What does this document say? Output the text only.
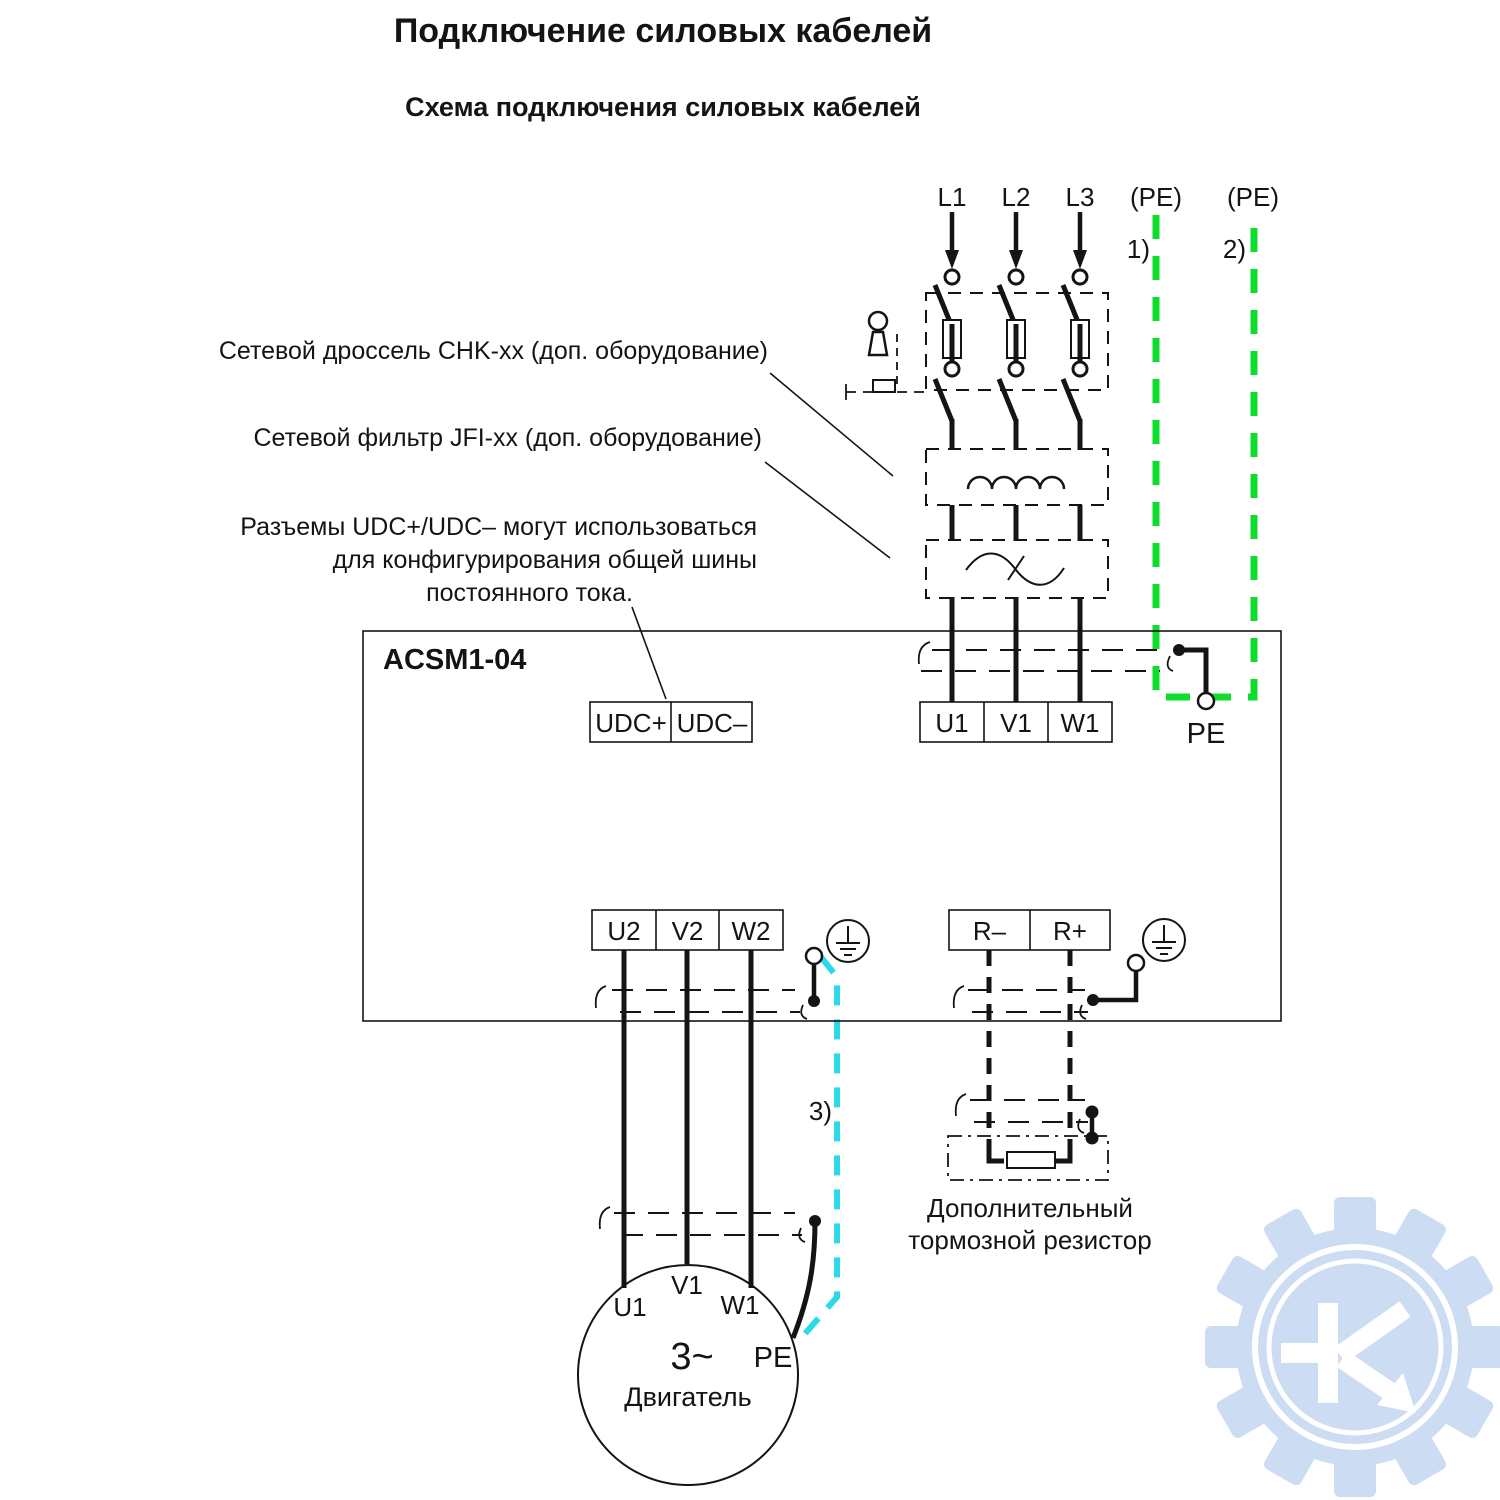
Подключение силовых кабелей
Схема подключения силовых кабелей
Сетевой дроссель CHK-xx (доп. оборудование)
Сетевой фильтр JFI-xx (доп. оборудование)
Разъемы UDC+/UDC– могут использоваться
для конфигурирования общей шины
постоянного тока.
L1	L2	L3	(PE)	(PE)
1)	2)
ACSM1-04
UDC+ UDC–	U1	V1	W1	PE
U2	V2	W2	R–	R+
3)
Дополнительный
тормозной резистор
V1
U1	W1
3~	PE
Двигатель
